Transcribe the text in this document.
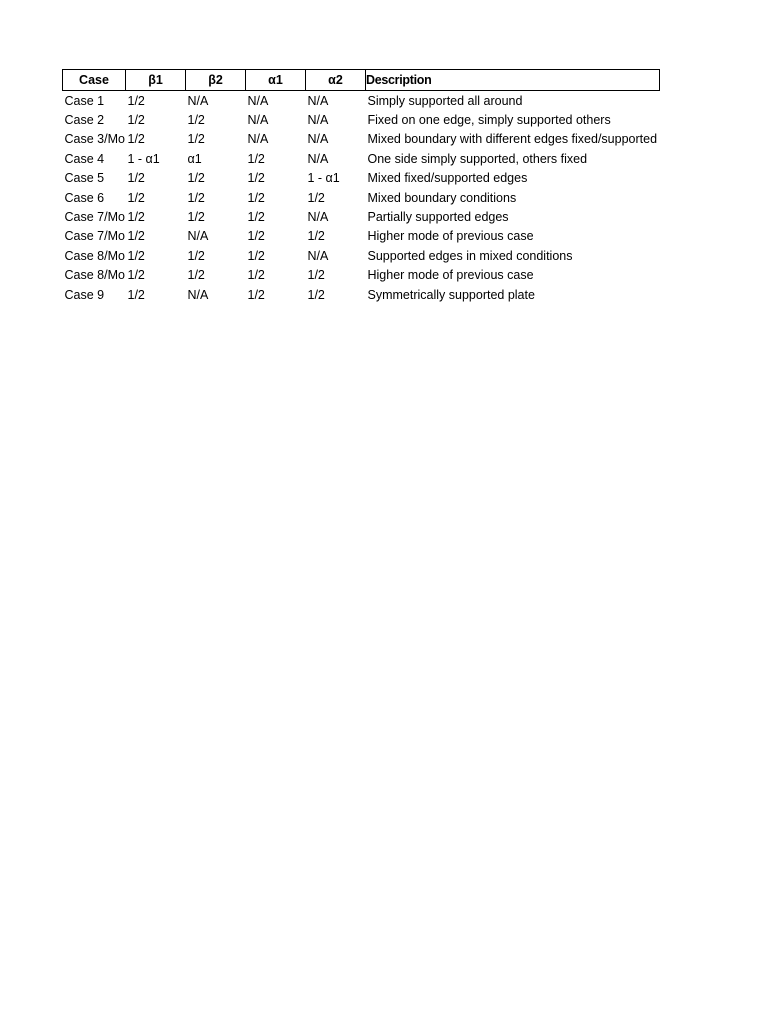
Case	β1	β2	α1	α2	Description
Case 1	1/2	N/A	N/A	N/A	Simply supported all around
Case 2	1/2	1/2	N/A	N/A	Fixed on one edge, simply supported others
Case 3/Mo	1/2	1/2	N/A	N/A	Mixed boundary with different edges fixed/supported
Case 4	1 - α1	α1	1/2	N/A	One side simply supported, others fixed
Case 5	1/2	1/2	1/2	1 - α1	Mixed fixed/supported edges
Case 6	1/2	1/2	1/2	1/2	Mixed boundary conditions
Case 7/Mo	1/2	1/2	1/2	N/A	Partially supported edges
Case 7/Mo	1/2	N/A	1/2	1/2	Higher mode of previous case
Case 8/Mo	1/2	1/2	1/2	N/A	Supported edges in mixed conditions
Case 8/Mo	1/2	1/2	1/2	1/2	Higher mode of previous case
Case 9	1/2	N/A	1/2	1/2	Symmetrically supported plate
